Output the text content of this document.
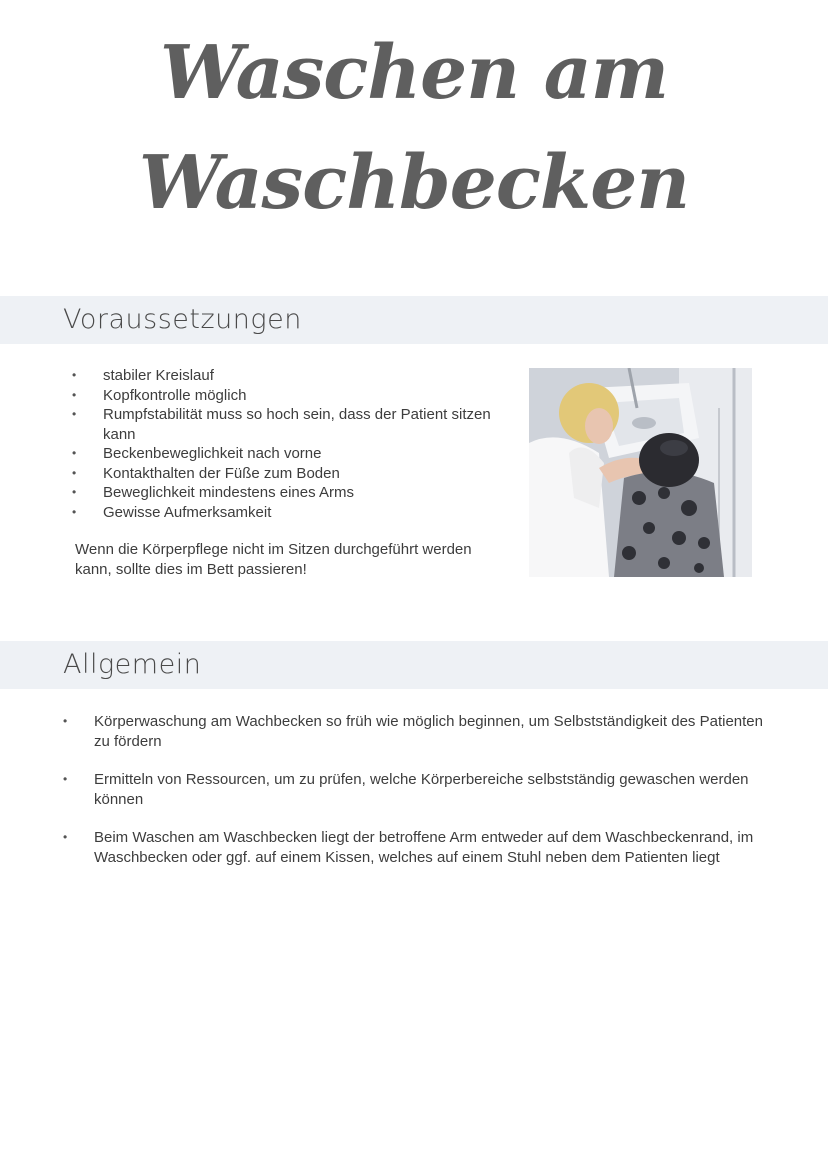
Waschen am
Waschbecken
Voraussetzungen
• stabiler Kreislauf
• Kopfkontrolle möglich
• Rumpfstabilität muss so hoch sein, dass der Patient sitzen kann
• Beckenbeweglichkeit nach vorne
• Kontakthalten der Füße zum Boden
• Beweglichkeit mindestens eines Arms
• Gewisse Aufmerksamkeit

Wenn die Körperpflege nicht im Sitzen durchgeführt werden kann, sollte dies im Bett passieren!

Allgemein
• Körperwaschung am Wachbecken so früh wie möglich beginnen, um Selbstständigkeit des Patienten zu fördern
• Ermitteln von Ressourcen, um zu prüfen, welche Körperbereiche selbstständig gewaschen werden können
• Beim Waschen am Waschbecken liegt der betroffene Arm entweder auf dem Waschbeckenrand, im Waschbecken oder ggf. auf einem Kissen, welches auf einem Stuhl neben dem Patienten liegt
